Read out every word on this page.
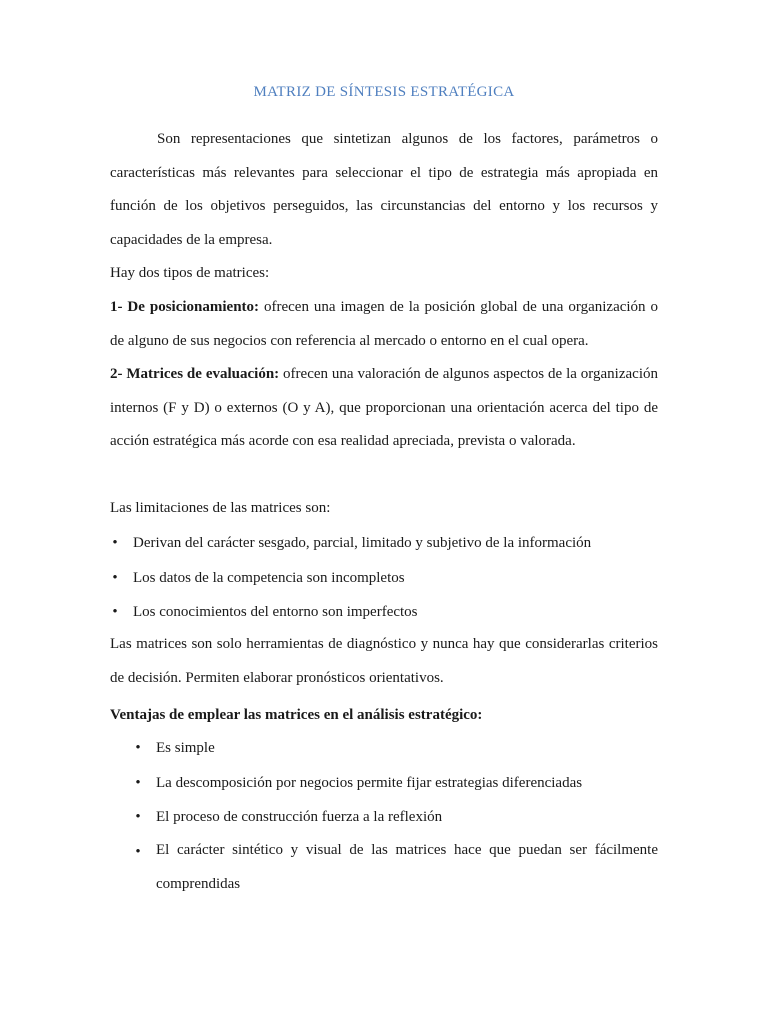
MATRIZ DE SÍNTESIS ESTRATÉGICA
Son representaciones que sintetizan algunos de los factores, parámetros o características más relevantes para seleccionar el tipo de estrategia más apropiada en función de los objetivos perseguidos, las circunstancias del entorno y los recursos y capacidades de la empresa.
Hay dos tipos de matrices:
1- De posicionamiento: ofrecen una imagen de la posición global de una organización o de alguno de sus negocios con referencia al mercado o entorno en el cual opera.
2- Matrices de evaluación: ofrecen una valoración de algunos aspectos de la organización internos (F y D) o externos (O y A), que proporcionan una orientación acerca del tipo de acción estratégica más acorde con esa realidad apreciada, prevista o valorada.
Las limitaciones de las matrices son:
• Derivan del carácter sesgado, parcial, limitado y subjetivo de la información
• Los datos de la competencia son incompletos
• Los conocimientos del entorno son imperfectos
Las matrices son solo herramientas de diagnóstico y nunca hay que considerarlas criterios de decisión. Permiten elaborar pronósticos orientativos.
Ventajas de emplear las matrices en el análisis estratégico:
• Es simple
• La descomposición por negocios permite fijar estrategias diferenciadas
• El proceso de construcción fuerza a la reflexión
• El carácter sintético y visual de las matrices hace que puedan ser fácilmente comprendidas
